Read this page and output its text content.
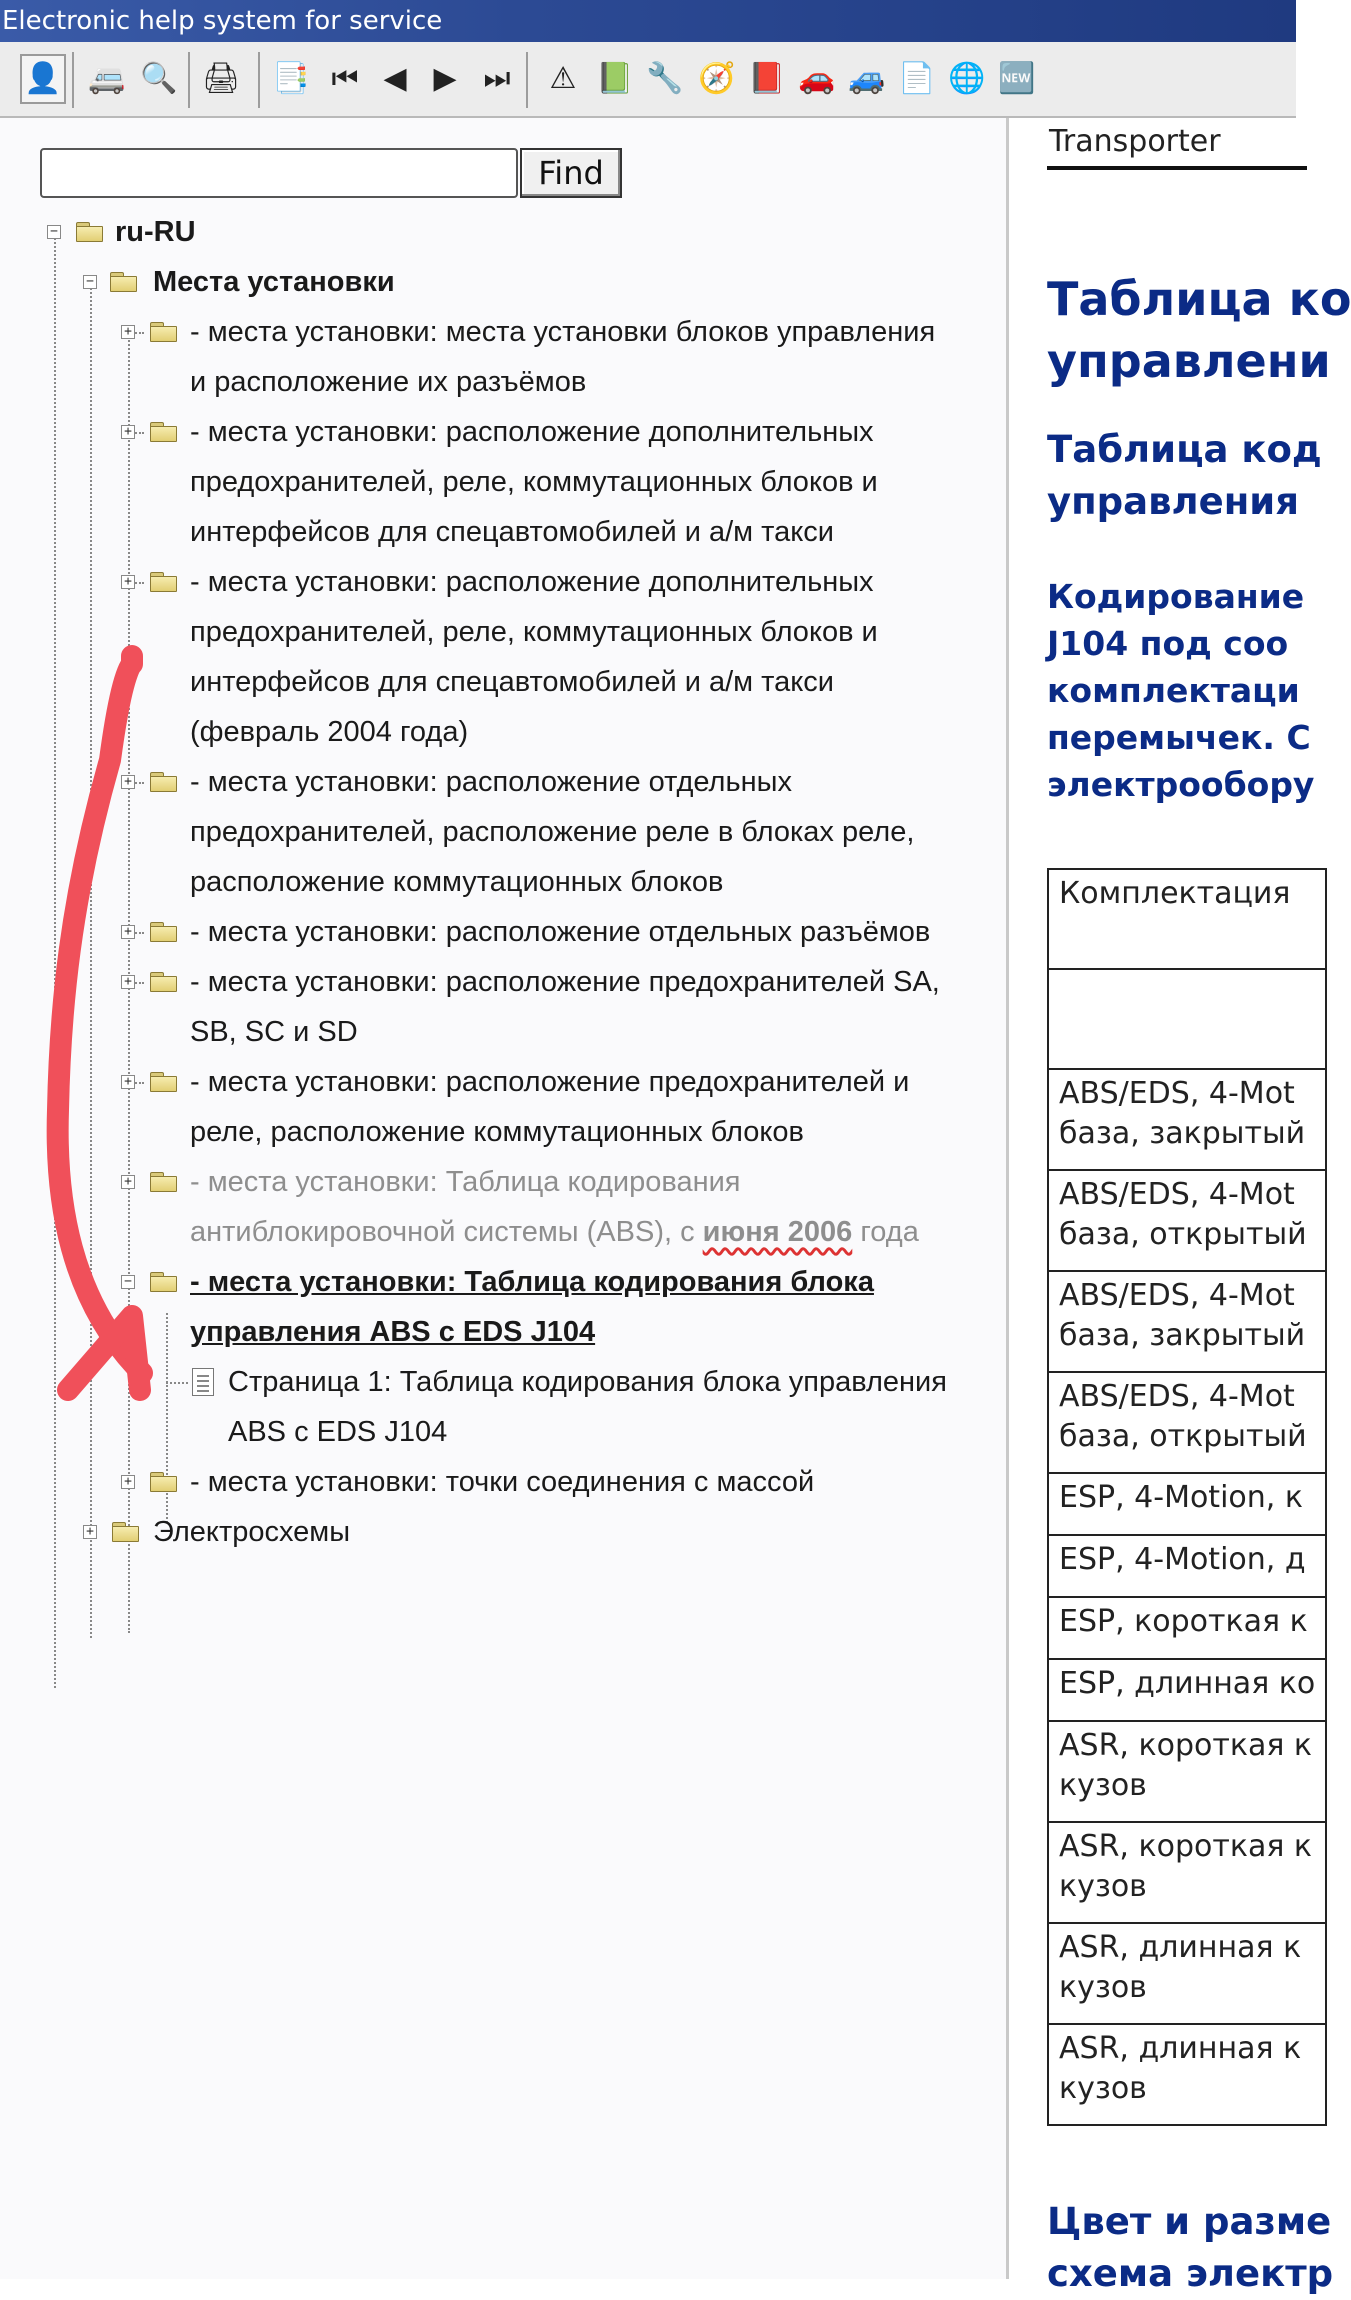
Electronic help system for service
👤 🚐 🔍 🖨 📑 ⏮ ◀ ▶ ⏭	⚠ 📗 🔧 🧭 📕 🚗 🚙 📄 🌐 🆕
Find
− ru-RU
− Места установки
+ - места установки: места установки блоков управления
и расположение их разъёмов
+ - места установки: расположение дополнительных
предохранителей, реле, коммутационных блоков и
интерфейсов для спецавтомобилей и а/м такси
+ - места установки: расположение дополнительных
предохранителей, реле, коммутационных блоков и
интерфейсов для спецавтомобилей и а/м такси
(февраль 2004 года)
+ - места установки: расположение отдельных
предохранителей, расположение реле в блоках реле,
расположение коммутационных блоков
+ - места установки: расположение отдельных разъёмов
+ - места установки: расположение предохранителей SA,
SB, SC и SD
+ - места установки: расположение предохранителей и
реле, расположение коммутационных блоков
+ - места установки: Таблица кодирования
антиблокировочной системы (ABS), с июня 2006 года
− - места установки: Таблица кодирования блока
управления ABS с EDS J104
Страница 1: Таблица кодирования блока управления
ABS с EDS J104
+ - места установки: точки соединения с массой
+ Электросхемы
Transporter
Таблица ко
управлени
Таблица код
управления
Кодирование
J104 под соо
комплектаци
перемычек. С
электрообору
Комплектация

ABS/EDS, 4-Mot
база, закрытый

ABS/EDS, 4-Mot
база, открытый

ABS/EDS, 4-Mot
база, закрытый

ABS/EDS, 4-Mot
база, открытый

ESP, 4-Motion, к

ESP, 4-Motion, д

ESP, короткая к

ESP, длинная ко

ASR, короткая к
кузов

ASR, короткая к
кузов

ASR, длинная к
кузов

ASR, длинная к
кузов
Цвет и разме
схема электр
